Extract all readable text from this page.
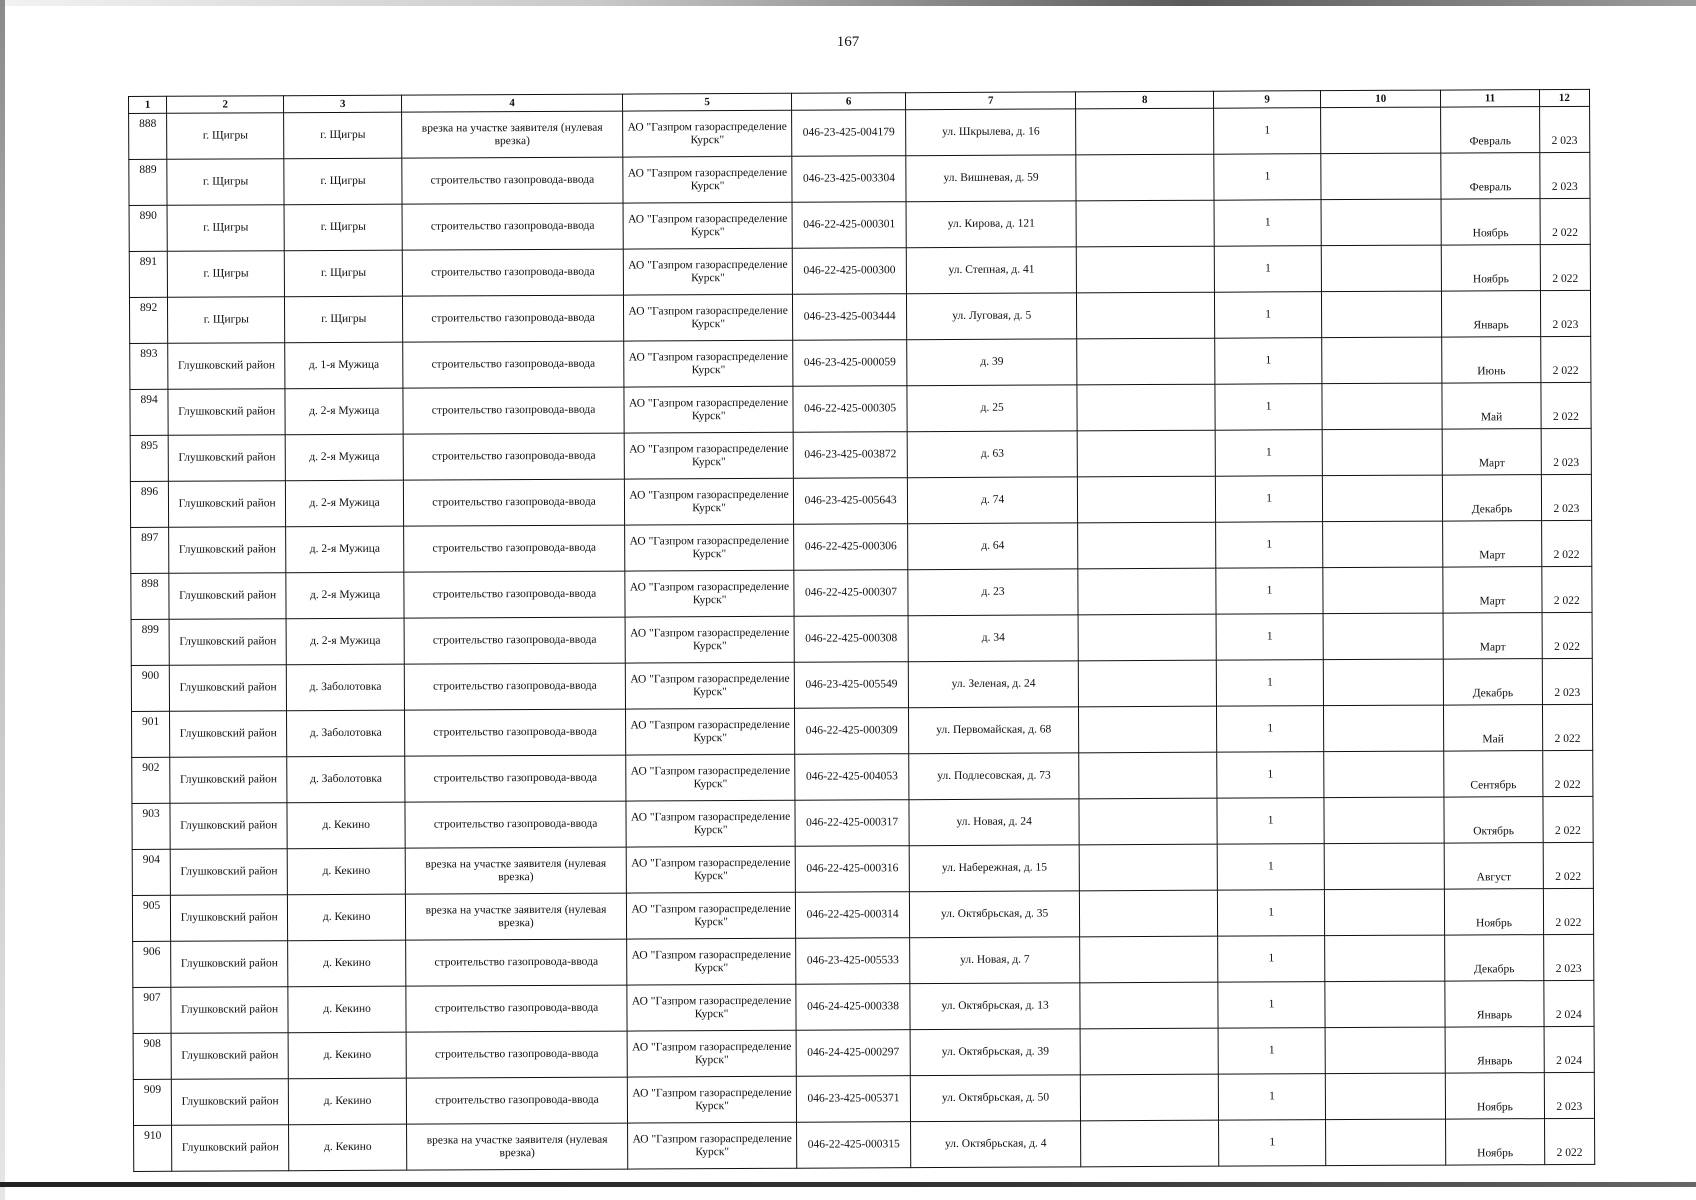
167
1	2	3	4	5	6	7	8	9	10	11	12
888	г. Щигры	г. Щигры	врезка на участке заявителя (нулевая врезка)	АО "Газпром газораспределение Курск"	046-23-425-004179	ул. Шкрылева, д. 16		1		Февраль	2 023
889	г. Щигры	г. Щигры	строительство газопровода-ввода	АО "Газпром газораспределение Курск"	046-23-425-003304	ул. Вишневая, д. 59		1		Февраль	2 023
890	г. Щигры	г. Щигры	строительство газопровода-ввода	АО "Газпром газораспределение Курск"	046-22-425-000301	ул. Кирова, д. 121		1		Ноябрь	2 022
891	г. Щигры	г. Щигры	строительство газопровода-ввода	АО "Газпром газораспределение Курск"	046-22-425-000300	ул. Степная, д. 41		1		Ноябрь	2 022
892	г. Щигры	г. Щигры	строительство газопровода-ввода	АО "Газпром газораспределение Курск"	046-23-425-003444	ул. Луговая, д. 5		1		Январь	2 023
893	Глушковский район	д. 1-я Мужица	строительство газопровода-ввода	АО "Газпром газораспределение Курск"	046-23-425-000059	д. 39		1		Июнь	2 022
894	Глушковский район	д. 2-я Мужица	строительство газопровода-ввода	АО "Газпром газораспределение Курск"	046-22-425-000305	д. 25		1		Май	2 022
895	Глушковский район	д. 2-я Мужица	строительство газопровода-ввода	АО "Газпром газораспределение Курск"	046-23-425-003872	д. 63		1		Март	2 023
896	Глушковский район	д. 2-я Мужица	строительство газопровода-ввода	АО "Газпром газораспределение Курск"	046-23-425-005643	д. 74		1		Декабрь	2 023
897	Глушковский район	д. 2-я Мужица	строительство газопровода-ввода	АО "Газпром газораспределение Курск"	046-22-425-000306	д. 64		1		Март	2 022
898	Глушковский район	д. 2-я Мужица	строительство газопровода-ввода	АО "Газпром газораспределение Курск"	046-22-425-000307	д. 23		1		Март	2 022
899	Глушковский район	д. 2-я Мужица	строительство газопровода-ввода	АО "Газпром газораспределение Курск"	046-22-425-000308	д. 34		1		Март	2 022
900	Глушковский район	д. Заболотовка	строительство газопровода-ввода	АО "Газпром газораспределение Курск"	046-23-425-005549	ул. Зеленая, д. 24		1		Декабрь	2 023
901	Глушковский район	д. Заболотовка	строительство газопровода-ввода	АО "Газпром газораспределение Курск"	046-22-425-000309	ул. Первомайская, д. 68		1		Май	2 022
902	Глушковский район	д. Заболотовка	строительство газопровода-ввода	АО "Газпром газораспределение Курск"	046-22-425-004053	ул. Подлесовская, д. 73		1		Сентябрь	2 022
903	Глушковский район	д. Кекино	строительство газопровода-ввода	АО "Газпром газораспределение Курск"	046-22-425-000317	ул. Новая, д. 24		1		Октябрь	2 022
904	Глушковский район	д. Кекино	врезка на участке заявителя (нулевая врезка)	АО "Газпром газораспределение Курск"	046-22-425-000316	ул. Набережная, д. 15		1		Август	2 022
905	Глушковский район	д. Кекино	врезка на участке заявителя (нулевая врезка)	АО "Газпром газораспределение Курск"	046-22-425-000314	ул. Октябрьская, д. 35		1		Ноябрь	2 022
906	Глушковский район	д. Кекино	строительство газопровода-ввода	АО "Газпром газораспределение Курск"	046-23-425-005533	ул. Новая, д. 7		1		Декабрь	2 023
907	Глушковский район	д. Кекино	строительство газопровода-ввода	АО "Газпром газораспределение Курск"	046-24-425-000338	ул. Октябрьская, д. 13		1		Январь	2 024
908	Глушковский район	д. Кекино	строительство газопровода-ввода	АО "Газпром газораспределение Курск"	046-24-425-000297	ул. Октябрьская, д. 39		1		Январь	2 024
909	Глушковский район	д. Кекино	строительство газопровода-ввода	АО "Газпром газораспределение Курск"	046-23-425-005371	ул. Октябрьская, д. 50		1		Ноябрь	2 023
910	Глушковский район	д. Кекино	врезка на участке заявителя (нулевая врезка)	АО "Газпром газораспределение Курск"	046-22-425-000315	ул. Октябрьская, д. 4		1		Ноябрь	2 022
